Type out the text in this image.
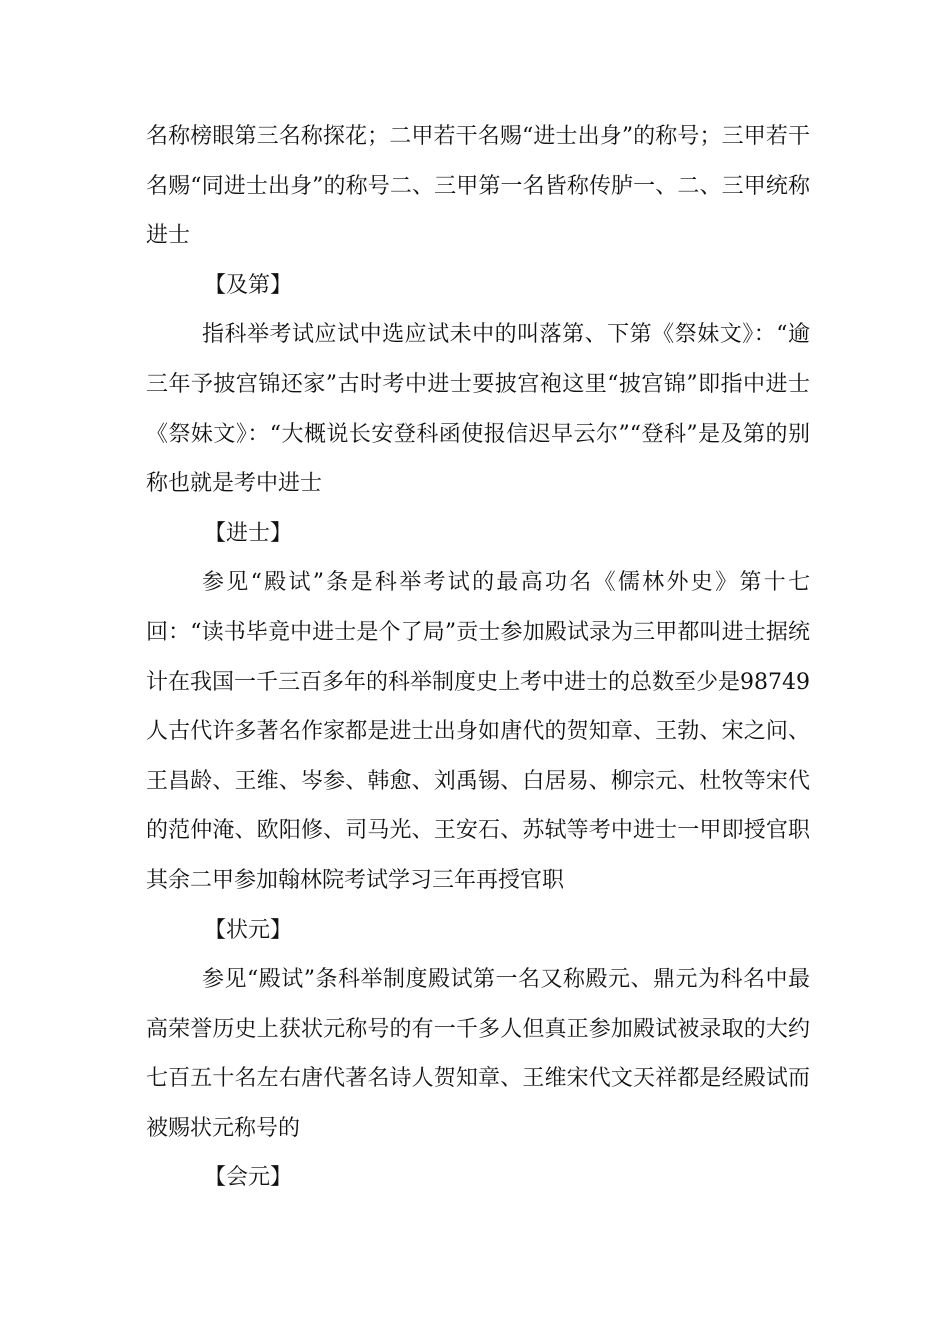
名称榜眼第三名称探花；二甲若干名赐“进士出身”的称号；三甲若干名赐“同进士出身”的称号二、三甲第一名皆称传胪一、二、三甲统称进士

【及第】

指科举考试应试中选应试未中的叫落第、下第《祭妹文》：“逾三年予披宫锦还家”古时考中进士要披宫袍这里“披宫锦”即指中进士《祭妹文》：“大概说长安登科函使报信迟早云尔”“登科”是及第的别称也就是考中进士

【进士】

参见“殿试”条是科举考试的最高功名《儒林外史》第十七回：“读书毕竟中进士是个了局”贡士参加殿试录为三甲都叫进士据统计在我国一千三百多年的科举制度史上考中进士的总数至少是98749人古代许多著名作家都是进士出身如唐代的贺知章、王勃、宋之问、王昌龄、王维、岑参、韩愈、刘禹锡、白居易、柳宗元、杜牧等宋代的范仲淹、欧阳修、司马光、王安石、苏轼等考中进士一甲即授官职其余二甲参加翰林院考试学习三年再授官职

【状元】

参见“殿试”条科举制度殿试第一名又称殿元、鼎元为科名中最高荣誉历史上获状元称号的有一千多人但真正参加殿试被录取的大约七百五十名左右唐代著名诗人贺知章、王维宋代文天祥都是经殿试而被赐状元称号的

【会元】
